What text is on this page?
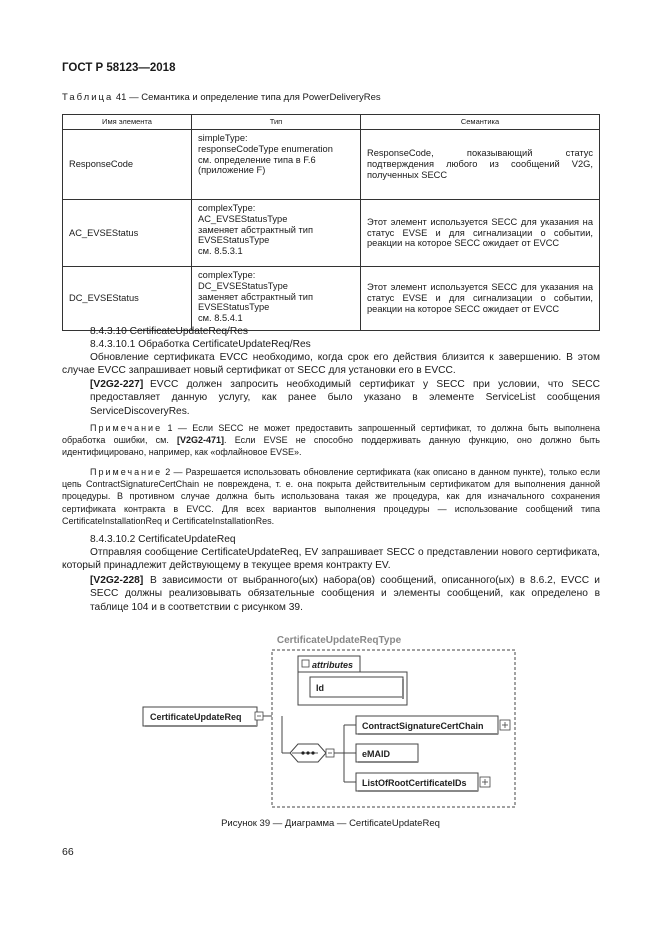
ГОСТ Р 58123—2018
Таблица 41 — Семантика и определение типа для PowerDeliveryRes
Имя элемента	Тип	Семантика
ResponseCode	simpleType:
responseCodeType enumeration
см. определение типа в F.6
(приложение F)	ResponseCode, показывающий статус подтверждения любого из сообщений V2G, полученных SECC
AC_EVSEStatus	complexType:
AC_EVSEStatusType
заменяет абстрактный тип
EVSEStatusType
см. 8.5.3.1	Этот элемент используется SECC для указания на статус EVSE и для сигнализации о событии, реакции на которое SECC ожидает от EVCC
DC_EVSEStatus	complexType:
DC_EVSEStatusType
заменяет абстрактный тип
EVSEStatusType
см. 8.5.4.1	Этот элемент используется SECC для указания на статус EVSE и для сигнализации о событии, реакции на которое SECC ожидает от EVCC
8.4.3.10 CertificateUpdateReq/Res
8.4.3.10.1 Обработка CertificateUpdateReq/Res
Обновление сертификата EVCC необходимо, когда срок его действия близится к завершению. В этом случае EVCC запрашивает новый сертификат от SECC для установки его в EVCC.
[V2G2-227] EVCC должен запросить необходимый сертификат у SECC при условии, что SECC предоставляет данную услугу, как ранее было указано в элементе ServiceList сообщения ServiceDiscoveryRes.
Примечание 1 — Если SECC не может предоставить запрошенный сертификат, то должна быть выполнена обработка ошибки, см. [V2G2-471]. Если EVSE не способно поддерживать данную функцию, оно должно быть идентифицировано, например, как «офлайновое EVSE».
Примечание 2 — Разрешается использовать обновление сертификата (как описано в данном пункте), только если цепь ContractSignatureCertChain не повреждена, т. е. она покрыта действительным сертификатом для выполнения данной процедуры. В противном случае должна быть использована такая же процедура, как для изначального сохранения сертификата контракта в EVCC. Для всех вариантов выполнения процедуры — использование сообщений типа CertificateInstallationReq и CertificateInstallationRes.
8.4.3.10.2 CertificateUpdateReq
Отправляя сообщение CertificateUpdateReq, EV запрашивает SECC о представлении нового сертификата, который принадлежит действующему в текущее время контракту EV.
[V2G2-228] В зависимости от выбранного(ых) набора(ов) сообщений, описанного(ых) в 8.6.2, EVCC и SECC должны реализовывать обязательные сообщения и элементы сообщений, как определено в таблице 104 и в соответствии с рисунком 39.
CertificateUpdateReqType
attributes
Id
CertificateUpdateReq
ContractSignatureCertChain
eMAID
ListOfRootCertificateIDs
Рисунок 39 — Диаграмма — CertificateUpdateReq
66
